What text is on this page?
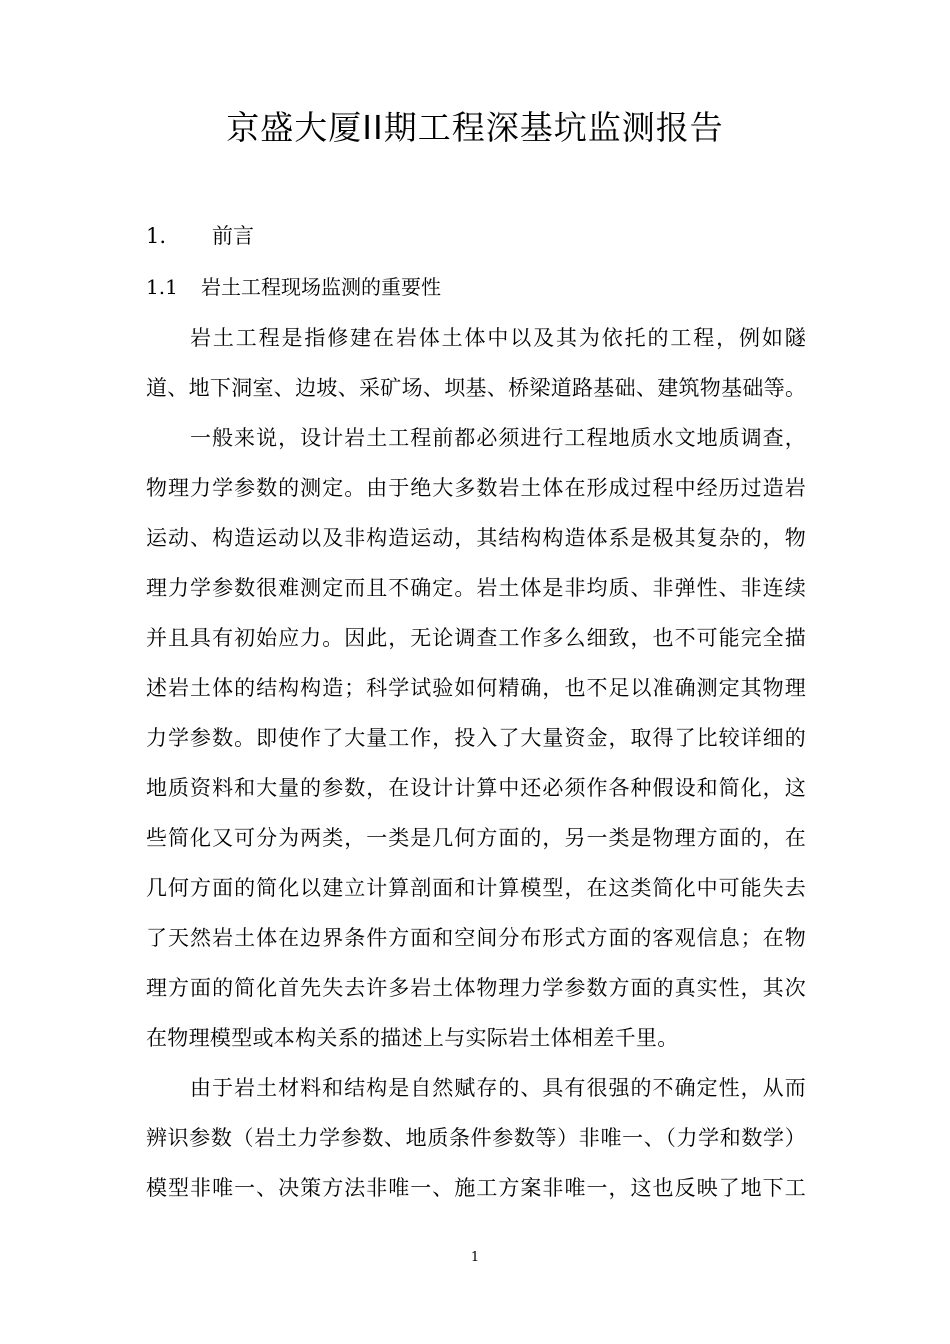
京盛大厦II期工程深基坑监测报告
1. 前言
1.1 岩土工程现场监测的重要性
岩土工程是指修建在岩体土体中以及其为依托的工程，例如隧
道、地下洞室、边坡、采矿场、坝基、桥梁道路基础、建筑物基础等。
一般来说，设计岩土工程前都必须进行工程地质水文地质调查，
物理力学参数的测定。由于绝大多数岩土体在形成过程中经历过造岩
运动、构造运动以及非构造运动，其结构构造体系是极其复杂的，物
理力学参数很难测定而且不确定。岩土体是非均质、非弹性、非连续
并且具有初始应力。因此，无论调查工作多么细致，也不可能完全描
述岩土体的结构构造；科学试验如何精确，也不足以准确测定其物理
力学参数。即使作了大量工作，投入了大量资金，取得了比较详细的
地质资料和大量的参数，在设计计算中还必须作各种假设和简化，这
些简化又可分为两类，一类是几何方面的，另一类是物理方面的，在
几何方面的简化以建立计算剖面和计算模型，在这类简化中可能失去
了天然岩土体在边界条件方面和空间分布形式方面的客观信息；在物
理方面的简化首先失去许多岩土体物理力学参数方面的真实性，其次
在物理模型或本构关系的描述上与实际岩土体相差千里。
由于岩土材料和结构是自然赋存的、具有很强的不确定性，从而
辨识参数（岩土力学参数、地质条件参数等）非唯一、（力学和数学）
模型非唯一、决策方法非唯一、施工方案非唯一，这也反映了地下工
1
